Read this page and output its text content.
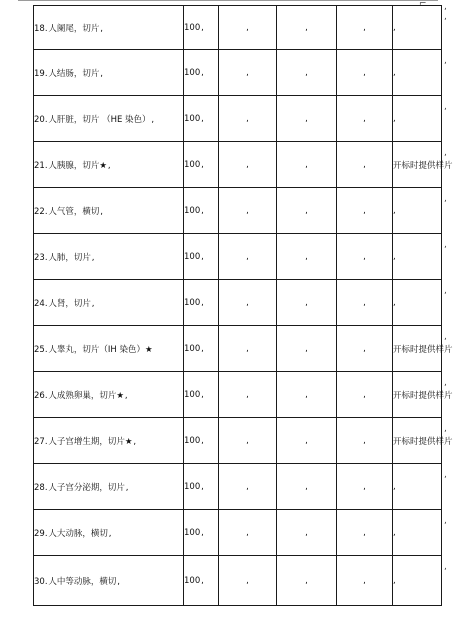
⌐
18. 人阑尾，切片 ,	100 ,	,	,	,	,
19. 人结肠，切片 ,	100 ,	,	,	,	,
20. 人肝脏，切片 （HE 染色） ,	100 ,	,	,	,	,
21. 人胰腺，切片★ ,	100 ,	,	,	,	开标时提供样片
22. 人气管，横切 ,	100 ,	,	,	,	,
23. 人肺，切片 ,	100 ,	,	,	,	,
24. 人肾，切片 ,	100 ,	,	,	,	,
25. 人睾丸，切片（IH 染色）★	100 ,	,	,	,	开标时提供样片
26. 人成熟卵巢，切片★ ,	100 ,	,	,	,	开标时提供样片
27. 人子宫增生期，切片★ ,	100 ,	,	,	,	开标时提供样片
28. 人子宫分泌期，切片 ,	100 ,	,	,	,	,
29. 人大动脉，横切 ,	100 ,	,	,	,	,
30. 人中等动脉，横切 ,	100 ,	,	,	,	,
,
,
,
,
,
,
,
,
,
,
,
,
,
,
